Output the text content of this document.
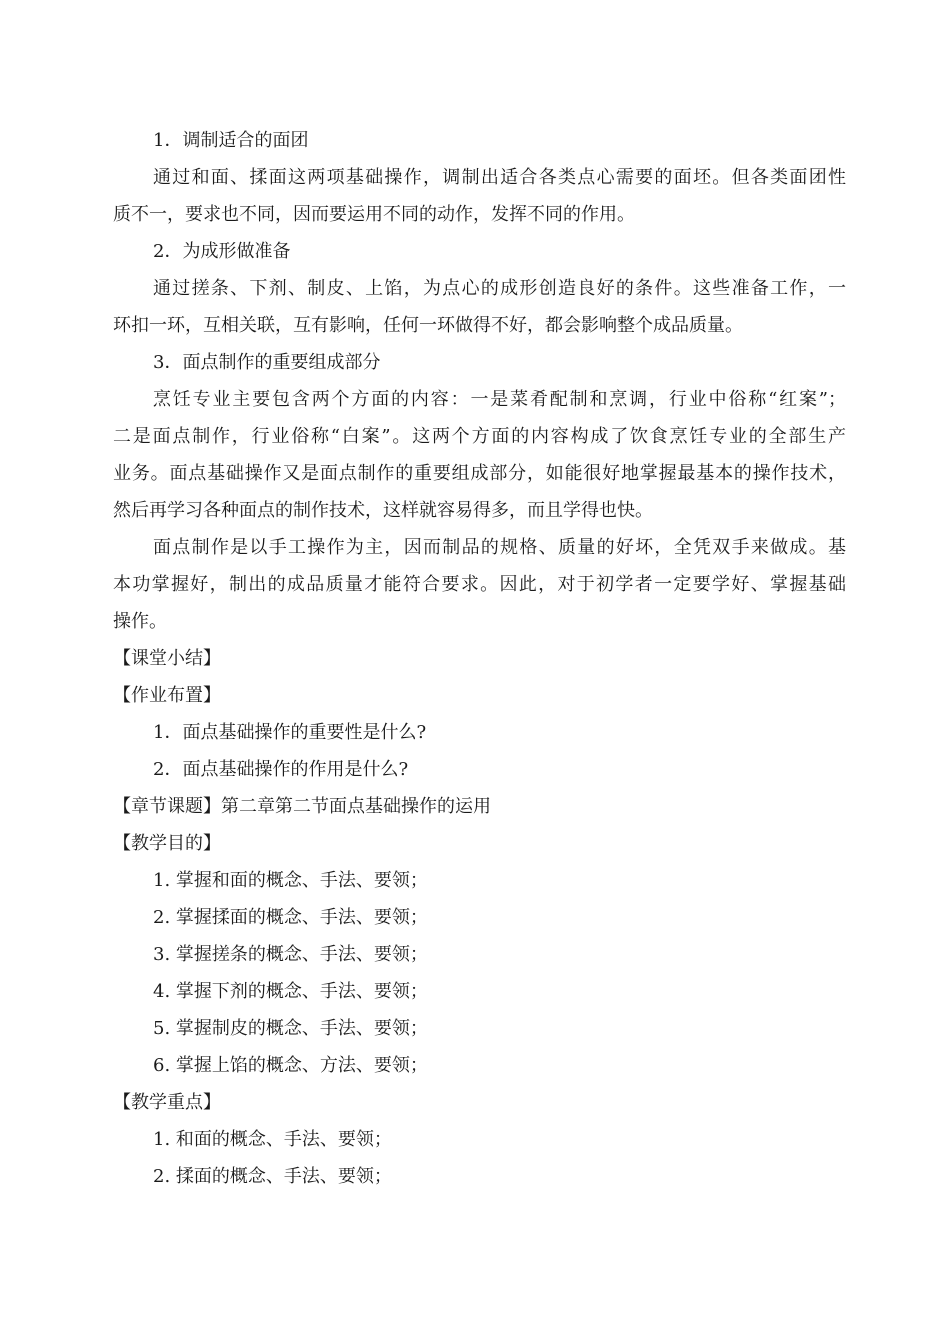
1．调制适合的面团
通过和面、揉面这两项基础操作，调制出适合各类点心需要的面坯。但各类面团性
质不一，要求也不同，因而要运用不同的动作，发挥不同的作用。
2．为成形做准备
通过搓条、下剂、制皮、上馅，为点心的成形创造良好的条件。这些准备工作，一
环扣一环，互相关联，互有影响，任何一环做得不好，都会影响整个成品质量。
3．面点制作的重要组成部分
烹饪专业主要包含两个方面的内容：一是菜肴配制和烹调，行业中俗称“红案”；
二是面点制作，行业俗称“白案”。这两个方面的内容构成了饮食烹饪专业的全部生产
业务。面点基础操作又是面点制作的重要组成部分，如能很好地掌握最基本的操作技术，
然后再学习各种面点的制作技术，这样就容易得多，而且学得也快。
面点制作是以手工操作为主，因而制品的规格、质量的好坏，全凭双手来做成。基
本功掌握好，制出的成品质量才能符合要求。因此，对于初学者一定要学好、掌握基础
操作。
【课堂小结】
【作业布置】
1．面点基础操作的重要性是什么?
2．面点基础操作的作用是什么?
【章节课题】第二章第二节面点基础操作的运用
【教学目的】
1. 掌握和面的概念、手法、要领；
2. 掌握揉面的概念、手法、要领；
3. 掌握搓条的概念、手法、要领；
4. 掌握下剂的概念、手法、要领；
5. 掌握制皮的概念、手法、要领；
6. 掌握上馅的概念、方法、要领；
【教学重点】
1. 和面的概念、手法、要领；
2. 揉面的概念、手法、要领；
